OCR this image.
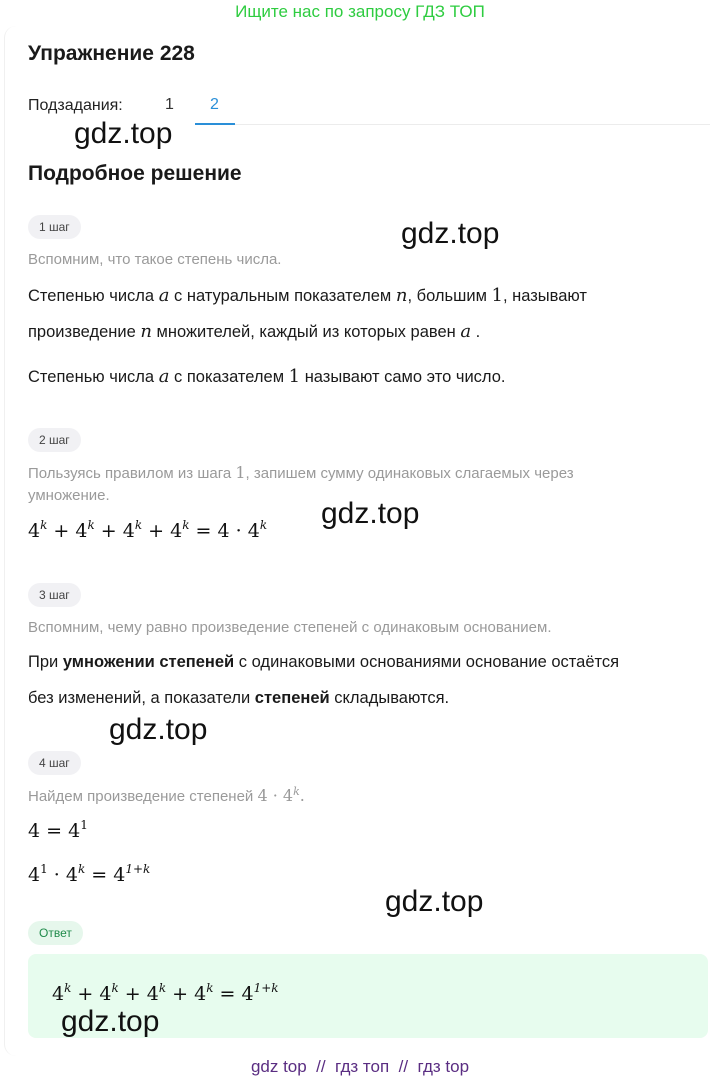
Ищите нас по запросу ГДЗ ТОП
Упражнение 228
Подзадания:	1 2
gdz.top
Подробное решение
1 шаг	gdz.top
Вспомним, что такое степень числа.
Степенью числа a с натуральным показателем n, большим 1, называют
произведение n множителей, каждый из которых равен a .
Степенью числа a с показателем 1 называют само это число.
2 шаг
Пользуясь правилом из шага 1, запишем сумму одинаковых слагаемых через
умножение.
gdz.top
$4^k + 4^k + 4^k + 4^k = 4 \cdot 4^k$
3 шаг
Вспомним, чему равно произведение степеней с одинаковым основанием.
При умножении степеней с одинаковыми основаниями основание остаётся
без изменений, а показатели степеней складываются.
gdz.top
4 шаг
Найдем произведение степеней $4 \cdot 4^k$.
$4 = 4^1$
$4^1 \cdot 4^k = 4^{1+k}$
gdz.top
Ответ
$4^k + 4^k + 4^k + 4^k = 4^{1+k}$
gdz.top
gdz top  //  гдз топ  //  гдз top
